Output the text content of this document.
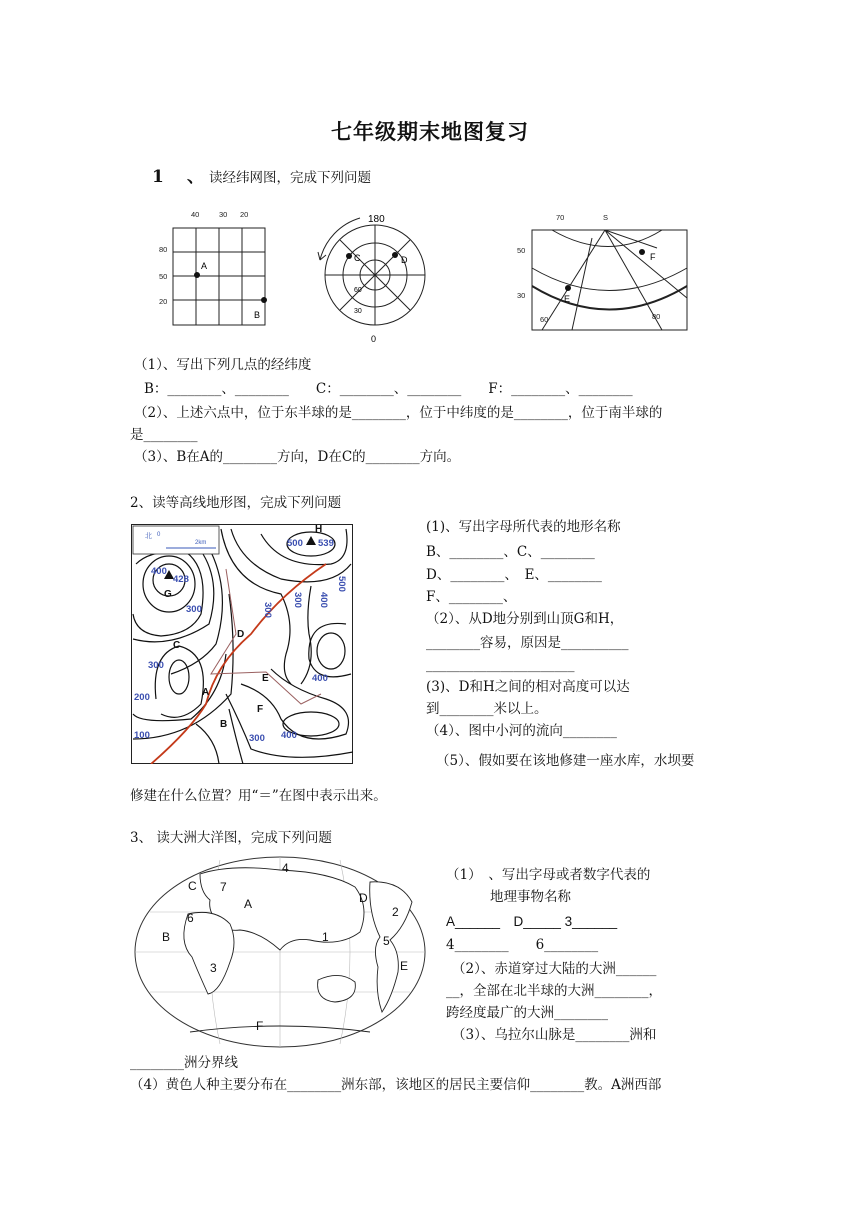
七年级期末地图复习
1 、 读经纬网图，完成下列问题
40	30 20
80
50
20
A
B
180
0
60
30
C	D
70	S
50
30
60	80
F
E
（1）、写出下列几点的经纬度
B：________、________　　C：________、________　　F：________、________
（2）、上述六点中，位于东半球的是________，位于中纬度的是________，位于南半球的
是________
（3）、B在A的________方向，D在C的________方向。
2、读等高线地形图，完成下列问题
北 0
2km
428
539
400
300
300
200
100
500
500
400
300
300
400
400
300
G
H
C
D
A
E
F
B
(1)、写出字母所代表的地形名称
B、________、C、________
D、________、　E、________
F、________、
（2）、从D地分别到山顶G和H，
________容易，原因是__________
______________________
(3)、D和H之间的相对高度可以达
到________米以上。
（4）、图中小河的流向________
（5）、假如要在该地修建一座水库，水坝要
修建在什么位置？用“＝”在图中表示出来。
3、 读大洲大洋图，完成下列问题
4
C 7
A	D
6	2
B	1	5
3	E
F
（1）　、写出字母或者数字代表的
地理事物名称
A______　D_____ 3______
4________　　6________
（2）、赤道穿过大陆的大洲______
__，全部在北半球的大洲________，
跨经度最广的大洲________
（3）、乌拉尔山脉是________洲和
________洲分界线
（4）黄色人种主要分布在________洲东部，该地区的居民主要信仰________教。A洲西部
